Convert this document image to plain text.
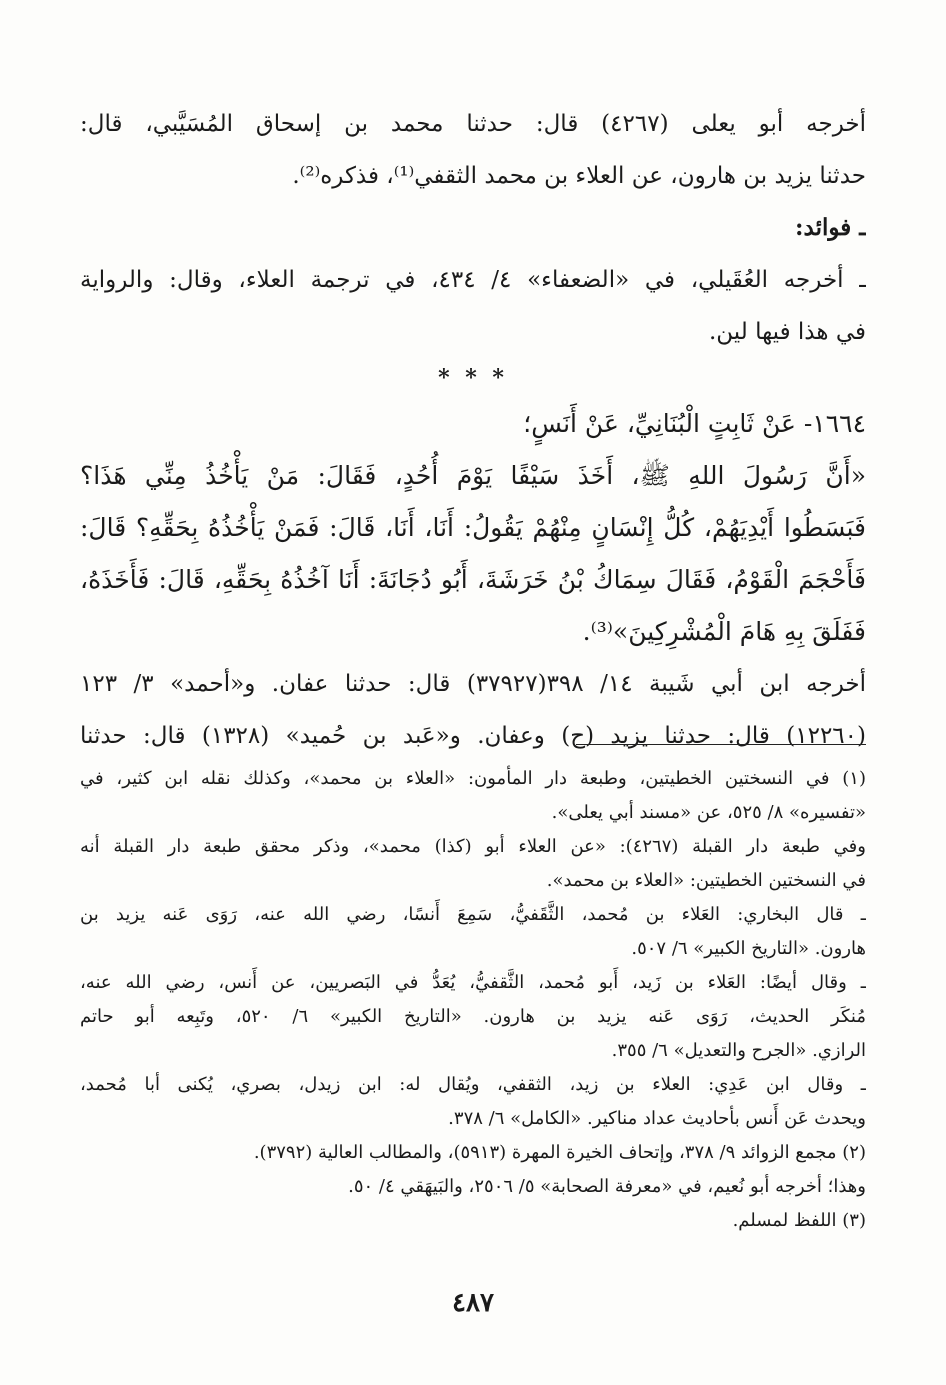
أخرجه أبو يعلى (٤٢٦٧) قال: حدثنا محمد بن إسحاق المُسَيَّبي، قال:
حدثنا يزيد بن هارون، عن العلاء بن محمد الثقفي⁽¹⁾، فذكره⁽²⁾.
ـ فوائد:
ـ أخرجه العُقَيلي، في «الضعفاء» ٤/ ٤٣٤، في ترجمة العلاء، وقال: والرواية
في هذا فيها لين.
* * *
١٦٦٤- عَنْ ثَابِتٍ الْبُنَانِيِّ، عَنْ أَنَسٍ؛
«أَنَّ رَسُولَ اللهِ ﷺ، أَخَذَ سَيْفًا يَوْمَ أُحُدٍ، فَقَالَ: مَنْ يَأْخُذُ مِنِّي هَذَا؟
فَبَسَطُوا أَيْدِيَهُمْ، كُلُّ إِنْسَانٍ مِنْهُمْ يَقُولُ: أَنَا، أَنَا، قَالَ: فَمَنْ يَأْخُذُهُ بِحَقِّهِ؟ قَالَ:
فَأَحْجَمَ الْقَوْمُ، فَقَالَ سِمَاكُ بْنُ خَرَشَةَ، أَبُو دُجَانَةَ: أَنَا آخُذُهُ بِحَقِّهِ، قَالَ: فَأَخَذَهُ،
فَفَلَقَ بِهِ هَامَ الْمُشْرِكِينَ»⁽³⁾.
أخرجه ابن أبي شَيبة ١٤/ ٣٩٨(٣٧٩٢٧) قال: حدثنا عفان. و«أحمد» ٣/ ١٢٣
(١٢٢٦٠) قال: حدثنا يزيد (ح) وعفان. و«عَبد بن حُميد» (١٣٢٨) قال: حدثنا
(١) في النسختين الخطيتين، وطبعة دار المأمون: «العلاء بن محمد»، وكذلك نقله ابن كثير، في
«تفسيره» ٨/ ٥٢٥، عن «مسند أبي يعلى».
وفي طبعة دار القبلة (٤٢٦٧): «عن العلاء أبو (كذا) محمد»، وذكر محقق طبعة دار القبلة أنه
في النسختين الخطيتين: «العلاء بن محمد».
ـ قال البخاري: العَلاء بن مُحمد، الثَّقَفيُّ، سَمِعَ أَنسًا، رضي الله عنه، رَوَى عَنه يزيد بن
هارون. «التاريخ الكبير» ٦/ ٥٠٧.
ـ وقال أيضًا: العَلاء بن زَيد، أَبو مُحمد، الثَّقفيُّ، يُعَدُّ في البَصريين، عن أَنس، رضي الله عنه،
مُنكَر الحديث، رَوَى عَنه يزيد بن هارون. «التاريخ الكبير» ٦/ ٥٢٠، وتَبِعه أبو حاتم
الرازي. «الجرح والتعديل» ٦/ ٣٥٥.
ـ وقال ابن عَدِي: العلاء بن زيد، الثقفي، ويُقال له: ابن زيدل، بصري، يُكنى أبا مُحمد،
ويحدث عَن أَنس بأحاديث عداد مناكير. «الكامل» ٦/ ٣٧٨.
(٢) مجمع الزوائد ٩/ ٣٧٨، وإتحاف الخيرة المهرة (٥٩١٣)، والمطالب العالية (٣٧٩٢).
وهذا؛ أخرجه أبو نُعيم، في «معرفة الصحابة» ٥/ ٢٥٠٦، والبَيهَقي ٤/ ٥٠.
(٣) اللفظ لمسلم.
٤٨٧
